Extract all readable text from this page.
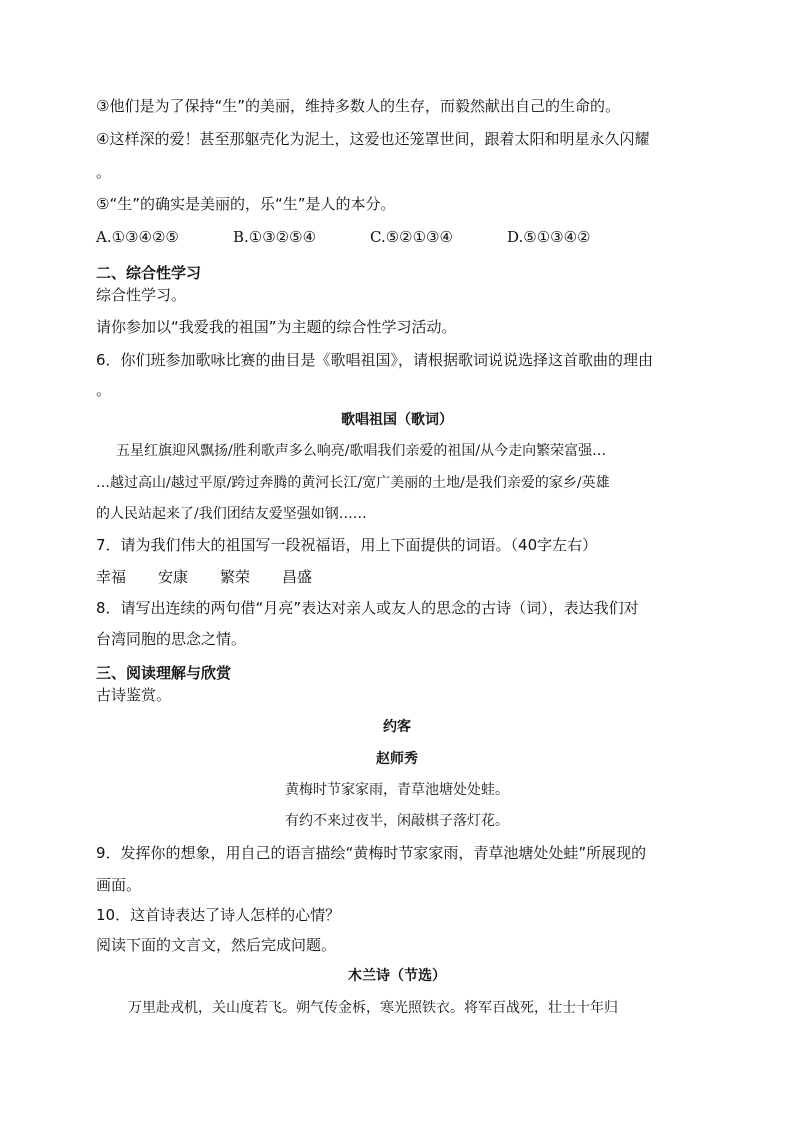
③他们是为了保持“生”的美丽，维持多数人的生存，而毅然献出自己的生命的。
④这样深的爱！甚至那躯壳化为泥土，这爱也还笼罩世间，跟着太阳和明星永久闪耀
。
⑤“生”的确实是美丽的，乐“生”是人的本分。
A.①③④②⑤	B.①③②⑤④	C.⑤②①③④	D.⑤①③④②
二、综合性学习
综合性学习。
请你参加以“我爱我的祖国”为主题的综合性学习活动。
6．你们班参加歌咏比赛的曲目是《歌唱祖国》，请根据歌词说说选择这首歌曲的理由
。
歌唱祖国（歌词）
五星红旗迎风飘扬/胜利歌声多么响亮/歌唱我们亲爱的祖国/从今走向繁荣富强…
…越过高山/越过平原/跨过奔腾的黄河长江/宽广美丽的土地/是我们亲爱的家乡/英雄
的人民站起来了/我们团结友爱坚强如钢……
7．请为我们伟大的祖国写一段祝福语，用上下面提供的词语。（40字左右）
幸福 安康 繁荣 昌盛
8．请写出连续的两句借“月亮”表达对亲人或友人的思念的古诗（词），表达我们对
台湾同胞的思念之情。
三、阅读理解与欣赏
古诗鉴赏。
约客
赵师秀
黄梅时节家家雨，青草池塘处处蛙。
有约不来过夜半，闲敲棋子落灯花。
9．发挥你的想象，用自己的语言描绘“黄梅时节家家雨，青草池塘处处蛙”所展现的
画面。
10．这首诗表达了诗人怎样的心情？
阅读下面的文言文，然后完成问题。
木兰诗（节选）
万里赴戎机，关山度若飞。朔气传金柝，寒光照铁衣。将军百战死，壮士十年归
